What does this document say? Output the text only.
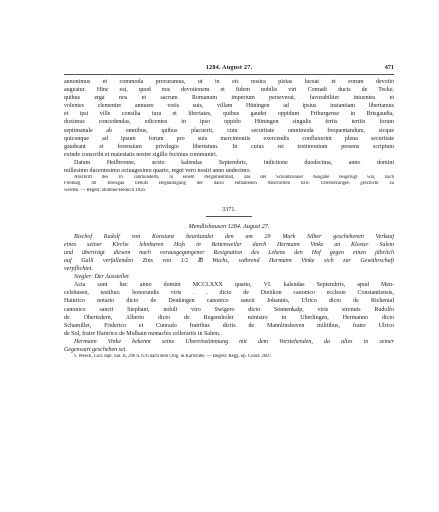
1284. August 27.	471
annonimus et commoda procuramus, ut in eis nostra pietas luceat et eorum devotio
augeatur. Hinc est, quod nos devotionem et fidem nobilis viri Conradi ducis de Tecke,
quibus erga nos et sacrum Romanum imperium perseverat, favorabiliter intuentes et
volentes clementer annuere votis suis, villam Hüningen ad ipsius instantiam libertamus
et ipsi ville consilia iura et libertates, quibus gaudet oppidum Friburgense in Brisgaudia,
duximus concedendas, edicentes in ipso oppido Hüningen singulis feriis tertiis forum
septimanale ab omnibus, quibus placuerit, cum securitate omnimoda frequentandum, sicque
quicunque ad ipsum forum pro suis mercimoniis exercendis confluxerint plena securitate
gaudeant et forensium privilegio libertatum. In cuius rei testimonium presens scriptum
exinde conscribi et maiestatis nostre sigillo fecimus communiri.
Datum Heilbronne, sexto kalendas Septembris, indictione duodecima, anno domini
millesimo ducentesimo octuagesimo quarto, regni vero nostri anno undecimo.
Abschrift des 16. Jahrhunderts, in einem Pergamentblatt, das der Schönbrunner Ausgabe beigefügt war, nach
Freiburg im Breisgau behufs Beglaubigung der darin enthaltenen Abschriften bzw. Übersetzungen geschickt zu
werden. — Regest: Böhmer-Redlich 1856.
3371.
Mendlishausen 1284. August 27.
Bischof Rudolf von Konstanz beurkundet den um 29 Mark Silber geschehenen Verkauf
eines seiner Kirche lehnbaren Hofs in Bettenweiler durch Hermann Vinke an Kloster Salem
und überträgt diesem nach vorausgegangener Resignation des Lehens den Hof gegen einen jährlich
auf Galli verfallenden Zins von 1/2 ℔ Wachs, während Hermann Vinke sich zur Gewährschaft
verpflichtet.
Siegler: Der Aussteller.
Acta sunt hec anno domini MCCLXXX quarto, VI. kalendas Septembris, apud Men-
celshusen, testibus: honorandis viris . . dicto de Dietikon canonico ecclesie Constantiensis,
Hainrico notario dicto de Denkingen canonico sancti Johannis, Ulrico dicto de Richenial
canonico sancti Stephani, nobili viro Swigero dicto Sonnenkalp, viris strenuis Rudolfo
de Oberiedern, Alberto dicto de Regensholer ministro in Uberlingen, Hermanno dicto
Schamiller, Friderico et Cunrado fratribus dictis de Mannlinshoven militibus, fratre Ulrico
de Sol, fratre Hainrico de Mulhain monachis cellerariis in Salem.
Hermann Vinke bekennt seine Übereinstimmung mit dem Vorstehenden, da alles in seiner
Gegenwart geschehen sei.
v. Weech, Cod. dipl. Sal. II, 296 n. 676 nach dem Orig. in Karlsruhe. — Regest: Regg. ep. Const. 2607.
